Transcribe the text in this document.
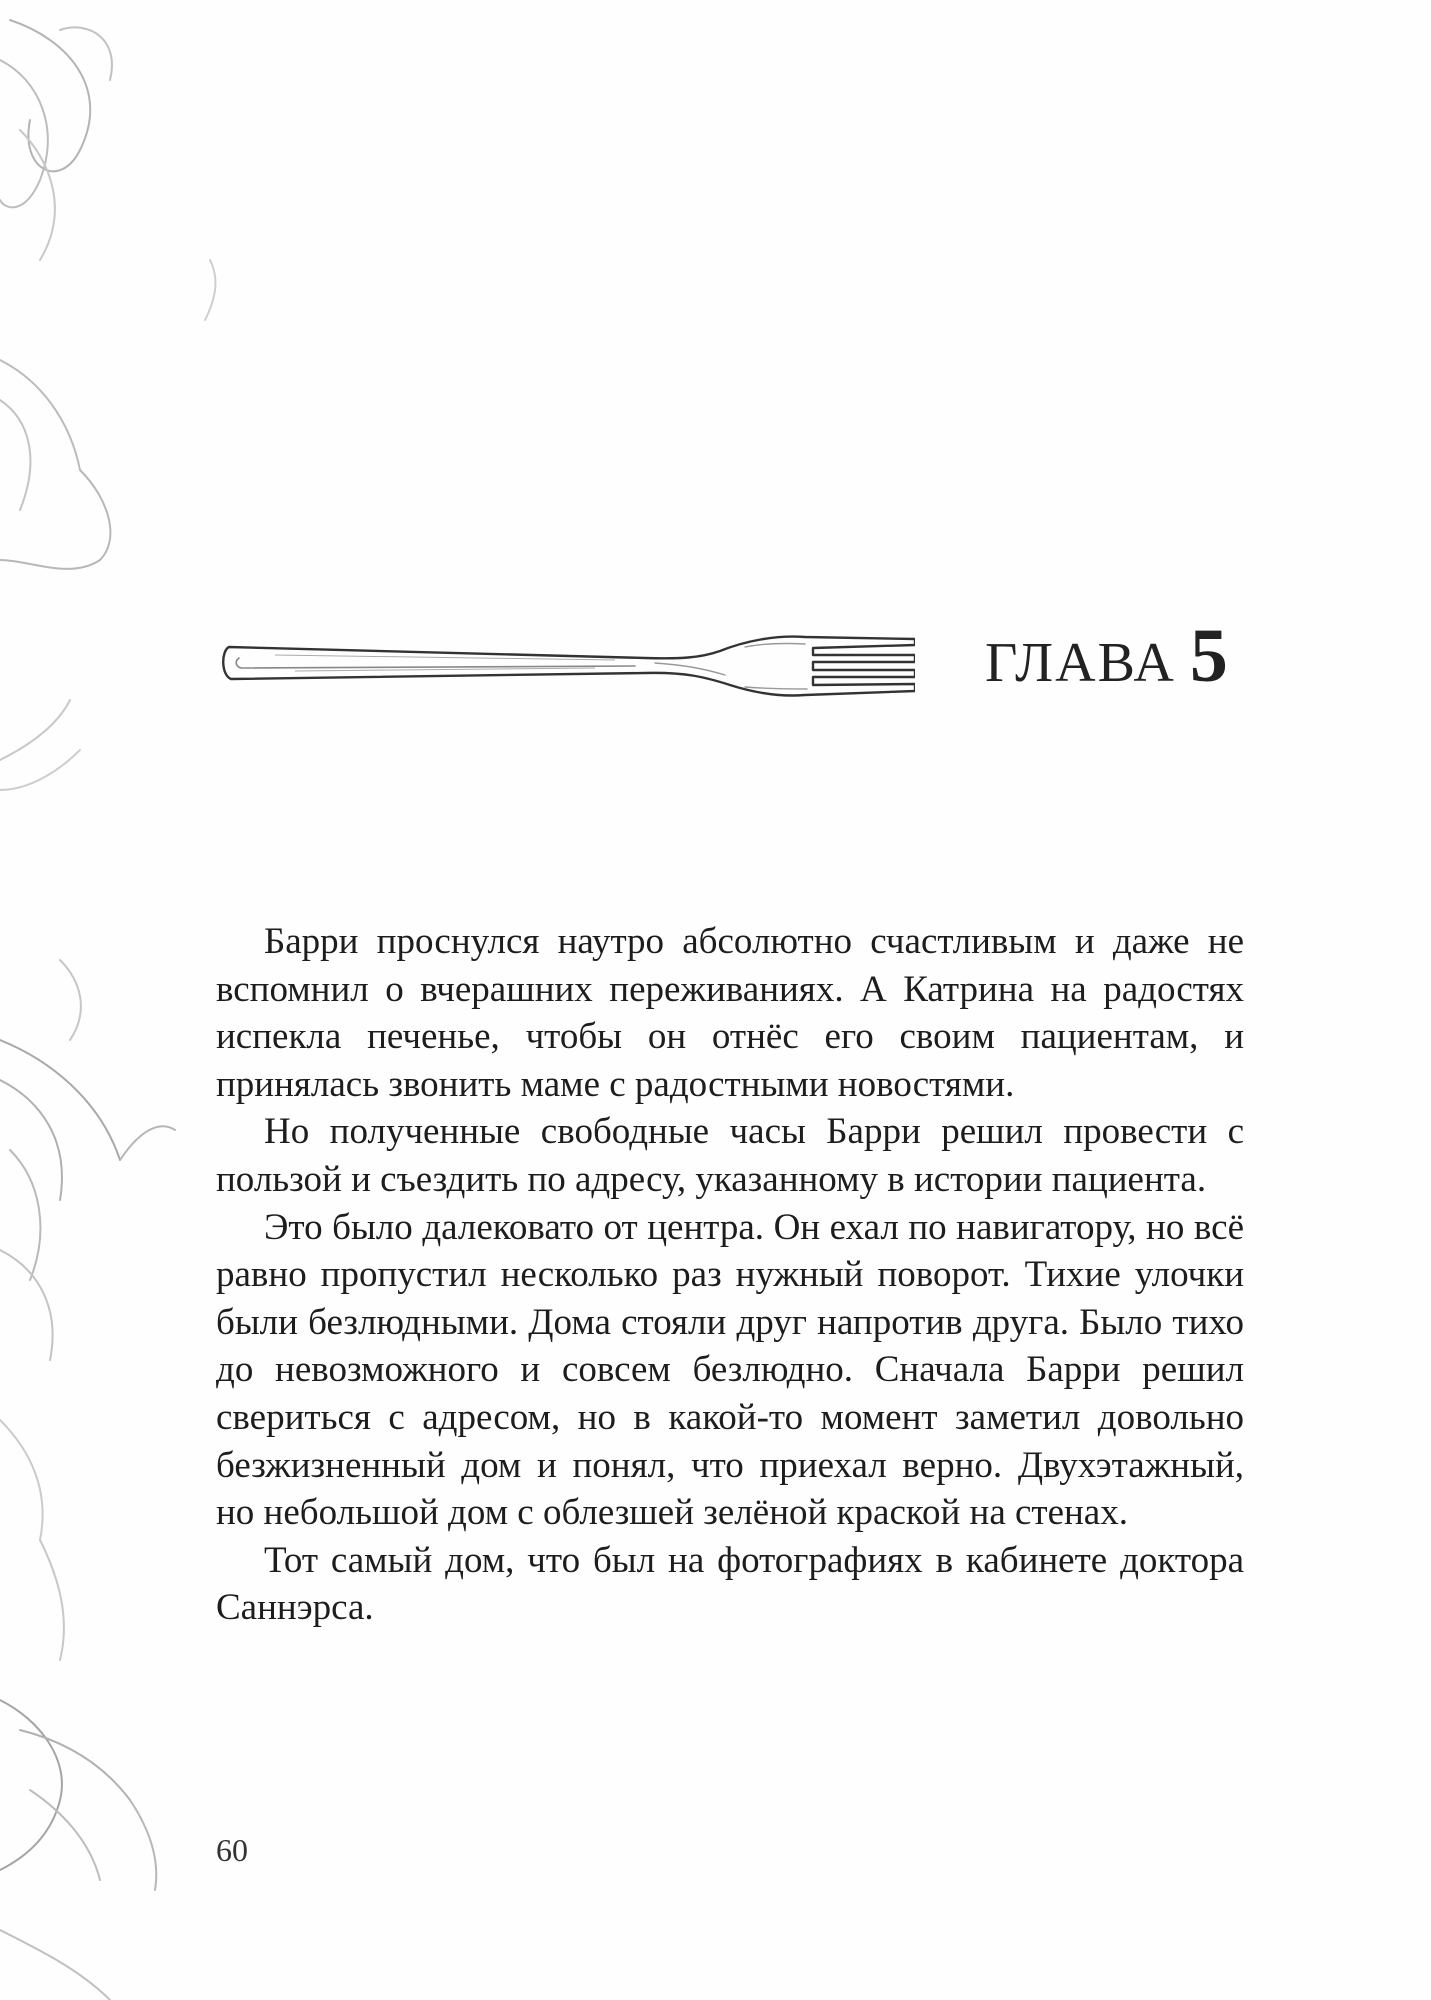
ГЛАВА 5

Барри проснулся наутро абсолютно счастливым и даже не вспомнил о вчерашних переживаниях. А Катрина на радостях испекла печенье, чтобы он отнёс его своим пациентам, и принялась звонить маме с радостными новостями.

Но полученные свободные часы Барри решил провести с пользой и съездить по адресу, указанному в истории пациента.

Это было далековато от центра. Он ехал по навигатору, но всё равно пропустил несколько раз нужный поворот. Тихие улочки были безлюдными. Дома стояли друг напротив друга. Было тихо до невозможного и совсем безлюдно. Сначала Барри решил свериться с адресом, но в какой-то момент заметил довольно безжизненный дом и понял, что приехал верно. Двухэтажный, но небольшой дом с облезшей зелёной краской на стенах.

Тот самый дом, что был на фотографиях в кабинете доктора Саннэрса.

60
